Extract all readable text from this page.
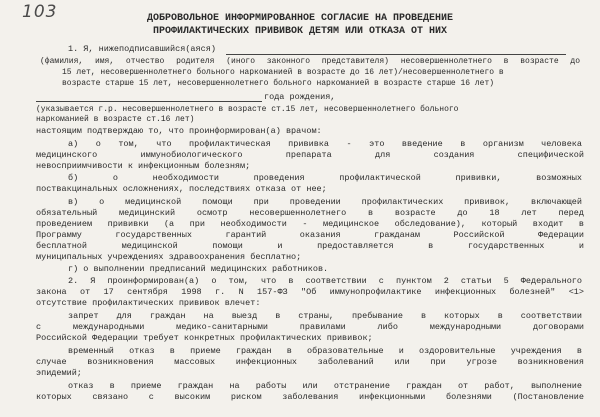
103	ДОБРОВОЛЬНОЕ ИНФОРМИРОВАННОЕ СОГЛАСИЕ НА ПРОВЕДЕНИЕ
ПРОФИЛАКТИЧЕСКИХ ПРИВИВОК ДЕТЯМ ИЛИ ОТКАЗА ОТ НИХ
1. Я, нижеподписавшийся(аяся)
(фамилия, имя, отчество родителя (иного законного представителя) несовершеннолетнего в возрасте до
15 лет, несовершеннолетнего больного наркоманией в возрасте до 16 лет)/несовершеннолетнего в
возрасте старше 15 лет, несовершеннолетнего больного наркоманией в возрасте старше 16 лет)
года рождения,
(указывается г.р. несовершеннолетнего в возрасте ст.15 лет, несовершеннолетнего больного
наркоманией в возрасте ст.16 лет)
настоящим подтверждаю то, что проинформирован(а) врачом:
а) о том, что профилактическая прививка - это введение в организм человека
медицинского иммунобиологического препарата для создания специфической
невосприимчивости к инфекционным болезням;
б) о необходимости проведения профилактической прививки, возможных
поствакцинальных осложнениях, последствиях отказа от нее;
в) о медицинской помощи при проведении профилактических прививок, включающей
обязательный медицинский осмотр несовершеннолетнего в возрасте до 18 лет перед
проведением прививки (а при необходимости - медицинское обследование), который входит в
Программу государственных гарантий оказания гражданам Российской Федерации
бесплатной медицинской помощи и предоставляется в государственных и
муниципальных учреждениях здравоохранения бесплатно;
г) о выполнении предписаний медицинских работников.
2. Я проинформирован(а) о том, что в соответствии с пунктом 2 статьи 5 Федерального
закона от 17 сентября 1998 г. N 157-ФЗ "Об иммунопрофилактике инфекционных болезней" <1>
отсутствие профилактических прививок влечет:
запрет для граждан на выезд в страны, пребывание в которых в соответствии
с международными медико-санитарными правилами либо международными договорами
Российской Федерации требует конкретных профилактических прививок;
временный отказ в приеме граждан в образовательные и оздоровительные учреждения в
случае возникновения массовых инфекционных заболеваний или при угрозе возникновения
эпидемий;
отказ в приеме граждан на работы или отстранение граждан от работ, выполнение
которых связано с высоким риском заболевания инфекционными болезнями (Постановление
